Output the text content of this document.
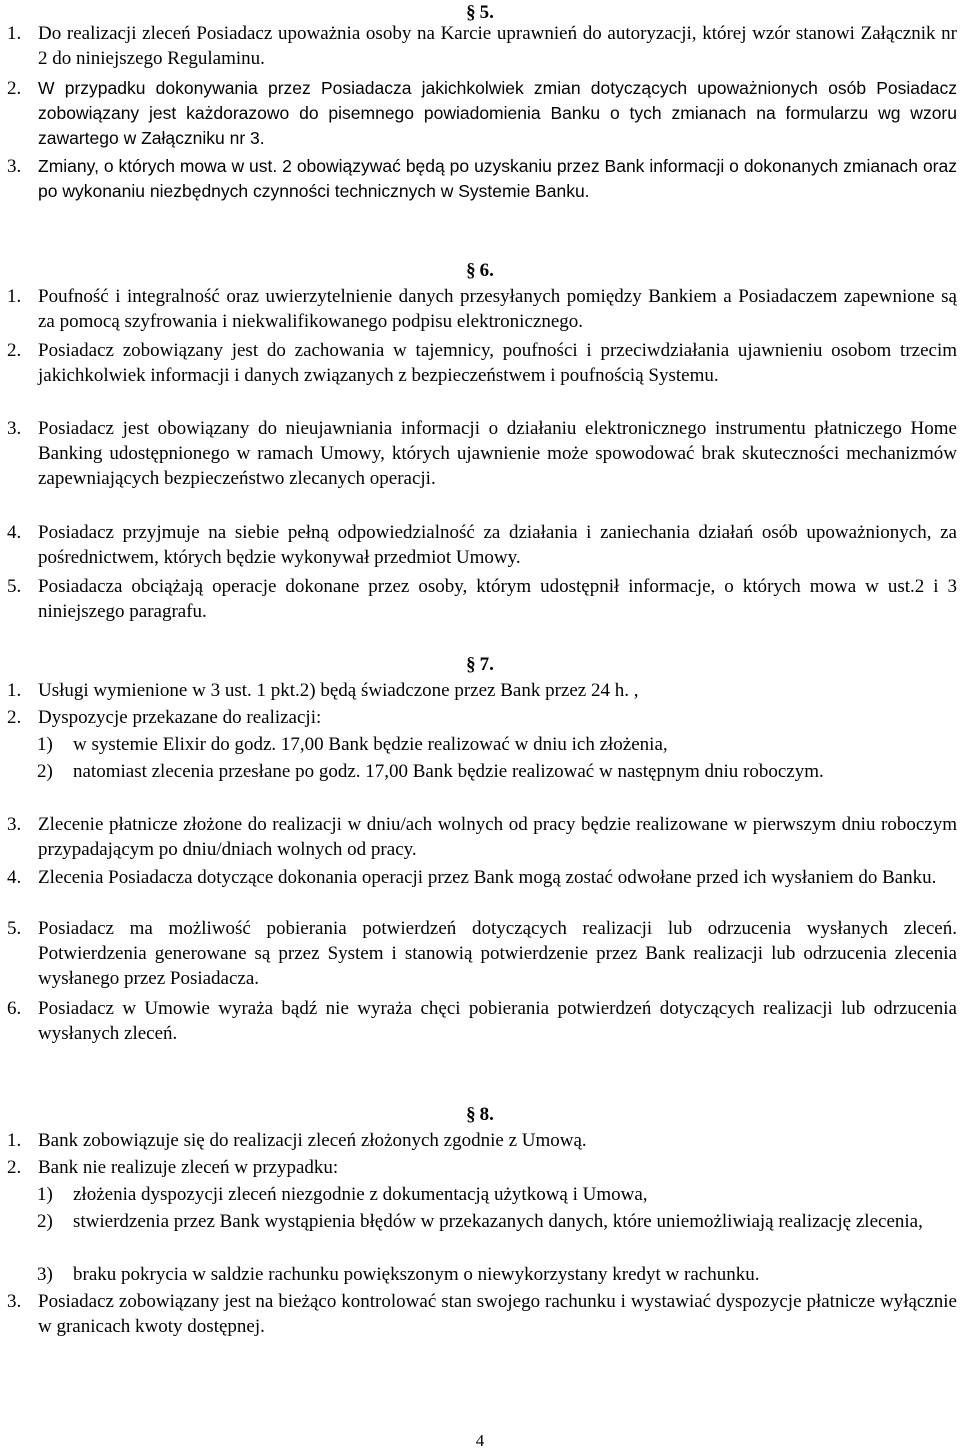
§ 5.
1. Do realizacji zleceń Posiadacz upoważnia osoby na Karcie uprawnień do autoryzacji, której wzór stanowi Załącznik nr 2 do niniejszego Regulaminu.
2. W przypadku dokonywania przez Posiadacza jakichkolwiek zmian dotyczących upoważnionych osób Posiadacz zobowiązany jest każdorazowo do pisemnego powiadomienia Banku o tych zmianach na formularzu wg wzoru zawartego w Załączniku nr 3.
3. Zmiany, o których mowa w ust. 2 obowiązywać będą po uzyskaniu przez Bank informacji o dokonanych zmianach oraz po wykonaniu niezbędnych czynności technicznych w Systemie Banku.
§ 6.
1. Poufność i integralność oraz uwierzytelnienie danych przesyłanych pomiędzy Bankiem a Posiadaczem zapewnione są za pomocą szyfrowania i niekwalifikowanego podpisu elektronicznego.
2. Posiadacz zobowiązany jest do zachowania w tajemnicy, poufności i przeciwdziałania ujawnieniu osobom trzecim jakichkolwiek informacji i danych związanych z bezpieczeństwem i poufnością Systemu.
3. Posiadacz jest obowiązany do nieujawniania informacji o działaniu elektronicznego instrumentu płatniczego Home Banking udostępnionego w ramach Umowy, których ujawnienie może spowodować brak skuteczności mechanizmów zapewniających bezpieczeństwo zlecanych operacji.
4. Posiadacz przyjmuje na siebie pełną odpowiedzialność za działania i zaniechania działań osób upoważnionych, za pośrednictwem, których będzie wykonywał przedmiot Umowy.
5. Posiadacza obciążają operacje dokonane przez osoby, którym udostępnił informacje, o których mowa w ust.2 i 3 niniejszego paragrafu.
§ 7.
1. Usługi wymienione w 3 ust. 1 pkt.2) będą świadczone przez Bank przez 24 h. ,
2. Dyspozycje przekazane do realizacji:
1) w systemie Elixir do godz. 17,00 Bank będzie realizować w dniu ich złożenia,
2) natomiast zlecenia przesłane po godz. 17,00 Bank będzie realizować w następnym dniu roboczym.
3. Zlecenie płatnicze złożone do realizacji w dniu/ach wolnych od pracy będzie realizowane w pierwszym dniu roboczym przypadającym po dniu/dniach wolnych od pracy.
4. Zlecenia Posiadacza dotyczące dokonania operacji przez Bank mogą zostać odwołane przed ich wysłaniem do Banku.
5. Posiadacz ma możliwość pobierania potwierdzeń dotyczących realizacji lub odrzucenia wysłanych zleceń. Potwierdzenia generowane są przez System i stanowią potwierdzenie przez Bank realizacji lub odrzucenia zlecenia wysłanego przez Posiadacza.
6. Posiadacz w Umowie wyraża bądź nie wyraża chęci pobierania potwierdzeń dotyczących realizacji lub odrzucenia wysłanych zleceń.
§ 8.
1. Bank zobowiązuje się do realizacji zleceń złożonych zgodnie z Umową.
2. Bank nie realizuje zleceń w przypadku:
1) złożenia dyspozycji zleceń niezgodnie z dokumentacją użytkową i Umowa,
2) stwierdzenia przez Bank wystąpienia błędów w przekazanych danych, które uniemożliwiają realizację zlecenia,
3) braku pokrycia w saldzie rachunku powiększonym o niewykorzystany kredyt w rachunku.
3. Posiadacz zobowiązany jest na bieżąco kontrolować stan swojego rachunku i wystawiać dyspozycje płatnicze wyłącznie w granicach kwoty dostępnej.
4
